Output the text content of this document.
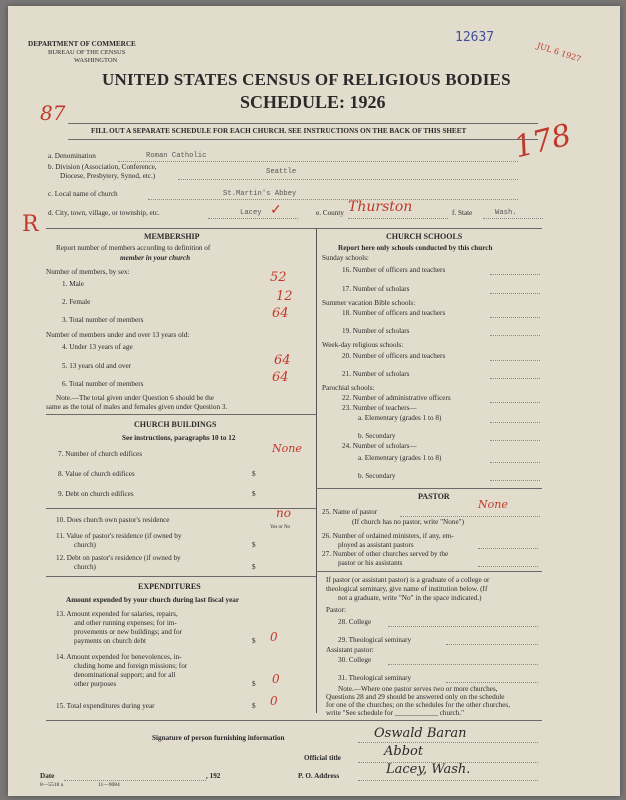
DEPARTMENT OF COMMERCE
BUREAU OF THE CENSUS
WASHINGTON
12637
JUL 6 1927
UNITED STATES CENSUS OF RELIGIOUS BODIES
SCHEDULE: 1926
87
178
R
FILL OUT A SEPARATE SCHEDULE FOR EACH CHURCH. SEE INSTRUCTIONS ON THE BACK OF THIS SHEET
a. Denomination	Roman Catholic
b. Division (Association, Conference,
Diocese, Presbytery, Synod, etc.)	Seattle
c. Local name of church	St.Martin's Abbey
d. City, town, village, or township, etc.	Lacey ✓	e. County Thurston	f. State	Wash.
MEMBERSHIP
Report number of members according to definition of
member in your church
Number of members, by sex:
1. Male	52
2. Female	12
3. Total number of members	64
Number of members under and over 13 years old:
4. Under 13 years of age
5. 13 years old and over	64
6. Total number of members	64
Note.—The total given under Question 6 should be the
same as the total of males and females given under Question 3.
CHURCH BUILDINGS
See instructions, paragraphs 10 to 12
7. Number of church edifices	None
8. Value of church edifices	$
9. Debt on church edifices	$
10. Does church own pastor's residence	no
Yes or No
11. Value of pastor's residence (if owned by
church)	$
12. Debt on pastor's residence (if owned by
church)	$
EXPENDITURES
Amount expended by your church during last fiscal year
13. Amount expended for salaries, repairs,
and other running expenses; for im-
provements or new buildings; and for
payments on church debt	$ 0
14. Amount expended for benevolences, in-
cluding home and foreign missions; for
denominational support; and for all
other purposes	$ 0
15. Total expenditures during year	$ 0
CHURCH SCHOOLS
Report here only schools conducted by this church
Sunday schools:
16. Number of officers and teachers
17. Number of scholars
Summer vacation Bible schools:
18. Number of officers and teachers
19. Number of scholars
Week-day religious schools:
20. Number of officers and teachers
21. Number of scholars
Parochial schools:
22. Number of administrative officers
23. Number of teachers—
a. Elementary (grades 1 to 8)
b. Secondary
24. Number of scholars—
a. Elementary (grades 1 to 8)
b. Secondary
PASTOR
25. Name of pastor
None
(If church has no pastor, write "None")
26. Number of ordained ministers, if any, em-
ployed as assistant pastors
27. Number of other churches served by the
pastor or his assistants
If pastor (or assistant pastor) is a graduate of a college or
theological seminary, give name of institution below. (If
not a graduate, write "No" in the space indicated.)
Pastor:
28. College
29. Theological seminary
Assistant pastor:
30. College
31. Theological seminary
Note.—Where one pastor serves two or more churches,
Questions 28 and 29 should be answered only on the schedule
for one of the churches; on the schedules for the other churches,
write "See schedule for ____________ church."
Signature of person furnishing information	Oswald Baran
Official title	Abbot
Date	, 192	P. O. Address	Lacey, Wash.
8—5518 a	11—9084
